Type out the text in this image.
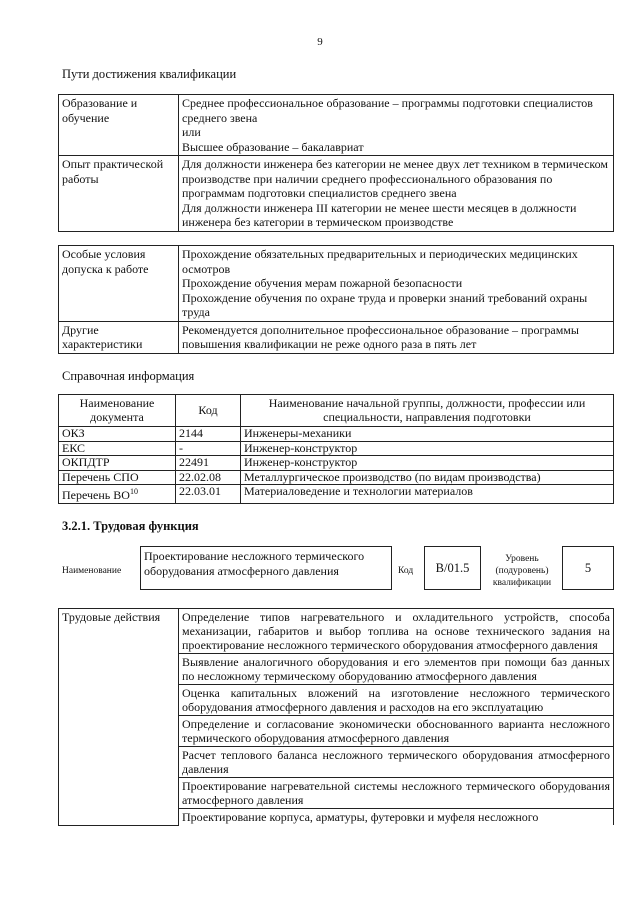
9
Пути достижения квалификации
Образование и обучение	Среднее профессиональное образование – программы подготовки специалистов среднего звена
или
Высшее образование – бакалавриат

Опыт практической работы	Для должности инженера без категории не менее двух лет техником в термическом производстве при наличии среднего профессионального образования по программам подготовки специалистов среднего звена
Для должности инженера III категории не менее шести месяцев в должности инженера без категории в термическом производстве
Особые условия допуска к работе	Прохождение обязательных предварительных и периодических медицинских осмотров
Прохождение обучения мерам пожарной безопасности
Прохождение обучения по охране труда и проверки знаний требований охраны труда

Другие характеристики	Рекомендуется дополнительное профессиональное образование – программы повышения квалификации не реже одного раза в пять лет
Справочная информация
Наименование документа	Код	Наименование начальной группы, должности, профессии или специальности, направления подготовки
ОКЗ	2144	Инженеры-механики
ЕКС	-	Инженер-конструктор
ОКПДТР	22491	Инженер-конструктор
Перечень СПО	22.02.08	Металлургическое производство (по видам производства)
Перечень ВО$^{10}$	22.03.01	Материаловедение и технологии материалов
3.2.1. Трудовая функция
Наименование
Проектирование несложного термического оборудования атмосферного давления	Код	B/01.5
Уровень (подуровень) квалификации
5
Трудовые действия	Определение типов нагревательного и охладительного устройств, способа механизации, габаритов и выбор топлива на основе технического задания на проектирование несложного термического оборудования атмосферного давления
Выявление аналогичного оборудования и его элементов при помощи баз данных по несложному термическому оборудованию атмосферного давления
Оценка капитальных вложений на изготовление несложного термического оборудования атмосферного давления и расходов на его эксплуатацию
Определение и согласование экономически обоснованного варианта несложного термического оборудования атмосферного давления
Расчет теплового баланса несложного термического оборудования атмосферного давления
Проектирование нагревательной системы несложного термического оборудования атмосферного давления
Проектирование корпуса, арматуры, футеровки и муфеля несложного
